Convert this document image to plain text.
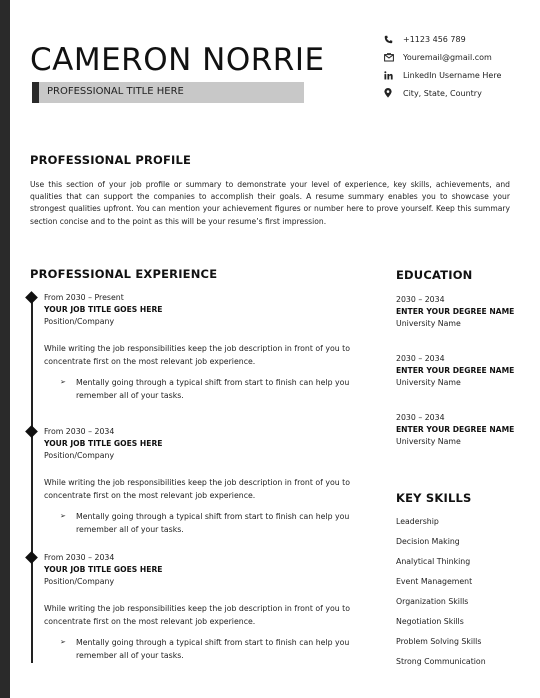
CAMERON NORRIE
PROFESSIONAL TITLE HERE
+1123 456 789
Youremail@gmail.com
LinkedIn Username Here
City, State, Country
PROFESSIONAL PROFILE
Use this section of your job profile or summary to demonstrate your level of experience, key skills, achievements, and qualities that can support the companies to accomplish their goals. A resume summary enables you to showcase your strongest qualities upfront. You can mention your achievement figures or number here to prove yourself. Keep this summary section concise and to the point as this will be your resume’s first impression.
PROFESSIONAL EXPERIENCE
From 2030 – Present
YOUR JOB TITLE GOES HERE
Position/Company
While writing the job responsibilities keep the job description in front of you to concentrate first on the most relevant job experience.
➢	Mentally going through a typical shift from start to finish can help you remember all of your tasks.
From 2030 – 2034
YOUR JOB TITLE GOES HERE
Position/Company
While writing the job responsibilities keep the job description in front of you to concentrate first on the most relevant job experience.
➢	Mentally going through a typical shift from start to finish can help you remember all of your tasks.
From 2030 – 2034
YOUR JOB TITLE GOES HERE
Position/Company
While writing the job responsibilities keep the job description in front of you to concentrate first on the most relevant job experience.
➢	Mentally going through a typical shift from start to finish can help you remember all of your tasks.
EDUCATION
2030 – 2034
ENTER YOUR DEGREE NAME
University Name
2030 – 2034
ENTER YOUR DEGREE NAME
University Name
2030 – 2034
ENTER YOUR DEGREE NAME
University Name
KEY SKILLS
Leadership
Decision Making
Analytical Thinking
Event Management
Organization Skills
Negotiation Skills
Problem Solving Skills
Strong Communication
